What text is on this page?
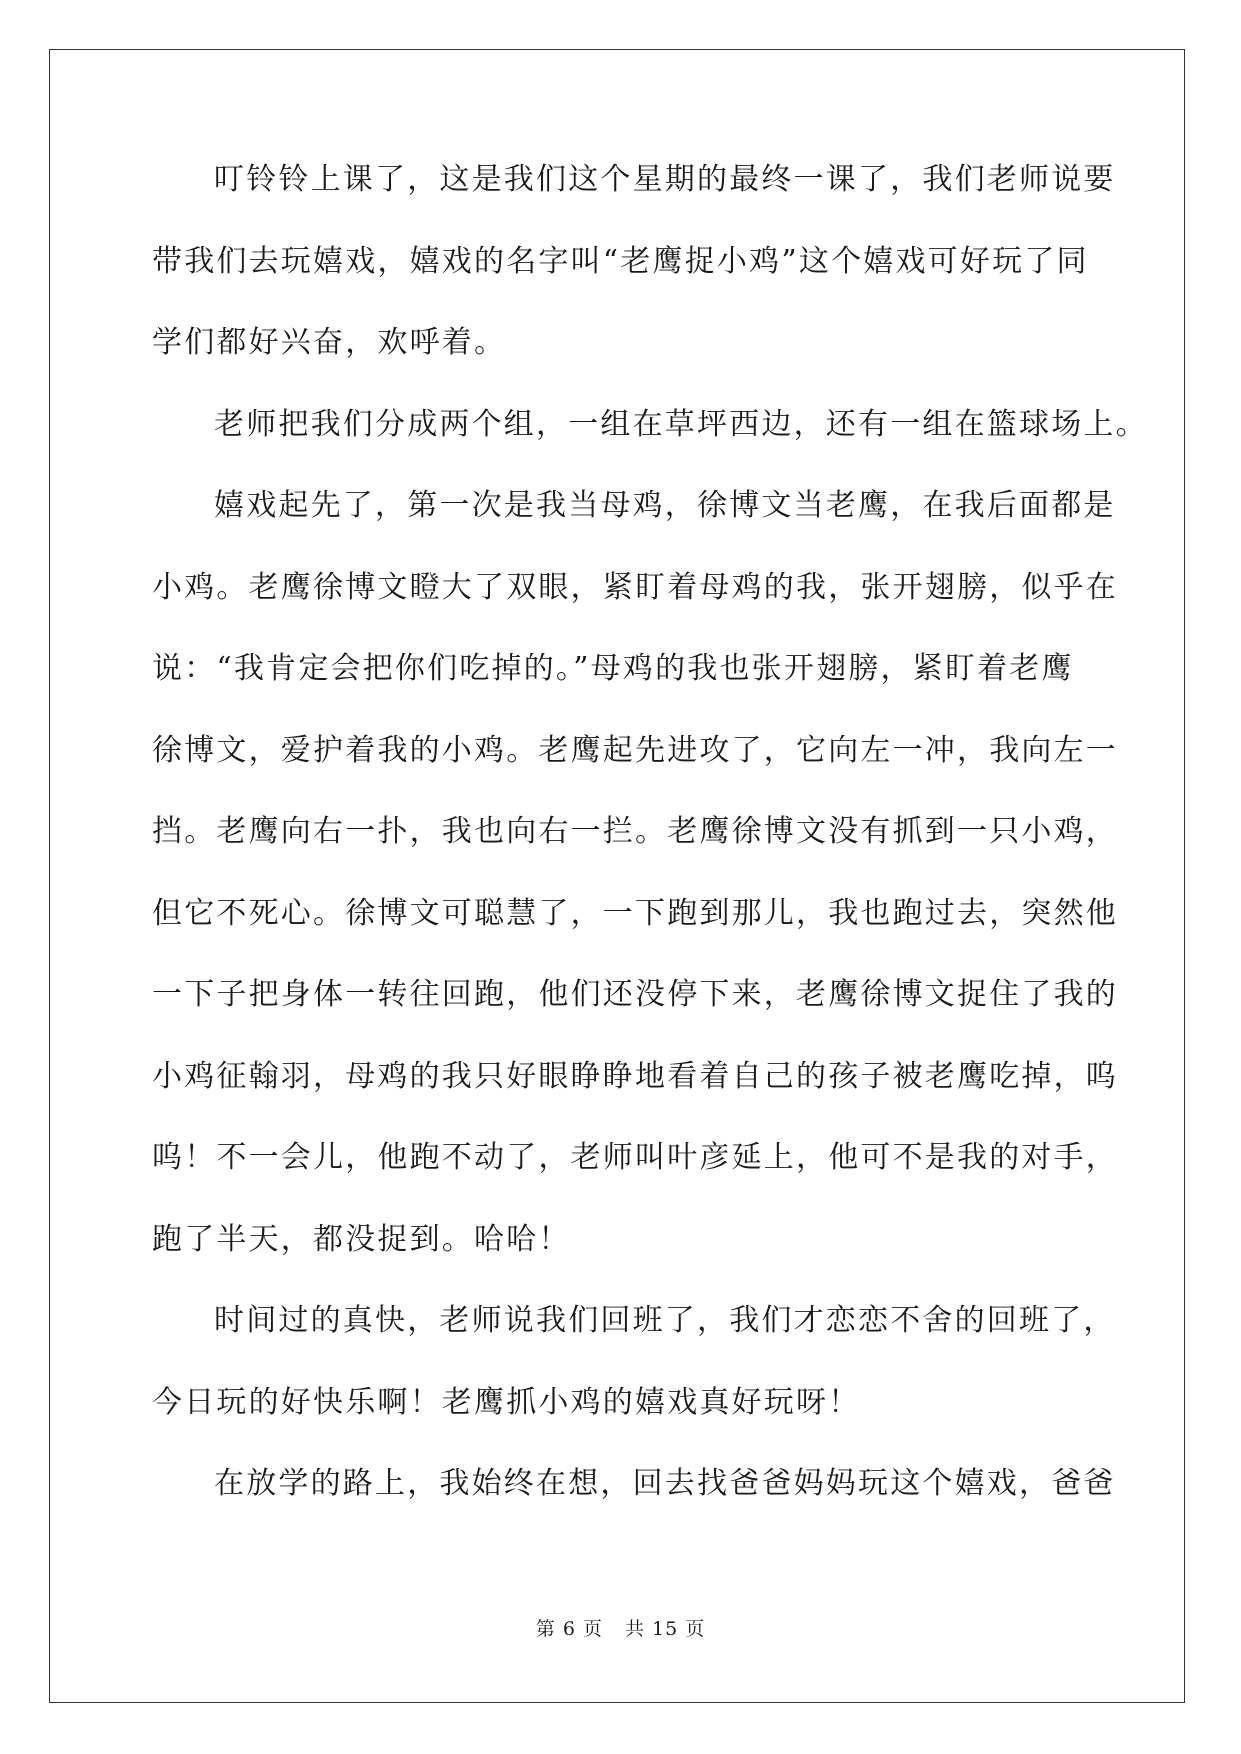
叮铃铃上课了，这是我们这个星期的最终一课了，我们老师说要
带我们去玩嬉戏，嬉戏的名字叫“老鹰捉小鸡”这个嬉戏可好玩了同
学们都好兴奋，欢呼着。
老师把我们分成两个组，一组在草坪西边，还有一组在篮球场上。
嬉戏起先了，第一次是我当母鸡，徐博文当老鹰，在我后面都是
小鸡。老鹰徐博文瞪大了双眼，紧盯着母鸡的我，张开翅膀，似乎在
说：“我肯定会把你们吃掉的。”母鸡的我也张开翅膀，紧盯着老鹰
徐博文，爱护着我的小鸡。老鹰起先进攻了，它向左一冲，我向左一
挡。老鹰向右一扑，我也向右一拦。老鹰徐博文没有抓到一只小鸡，
但它不死心。徐博文可聪慧了，一下跑到那儿，我也跑过去，突然他
一下子把身体一转往回跑，他们还没停下来，老鹰徐博文捉住了我的
小鸡征翰羽，母鸡的我只好眼睁睁地看着自己的孩子被老鹰吃掉，呜
呜！不一会儿，他跑不动了，老师叫叶彦延上，他可不是我的对手，
跑了半天，都没捉到。哈哈！
时间过的真快，老师说我们回班了，我们才恋恋不舍的回班了，
今日玩的好快乐啊！老鹰抓小鸡的嬉戏真好玩呀！
在放学的路上，我始终在想，回去找爸爸妈妈玩这个嬉戏，爸爸
第 6 页 共 15 页
